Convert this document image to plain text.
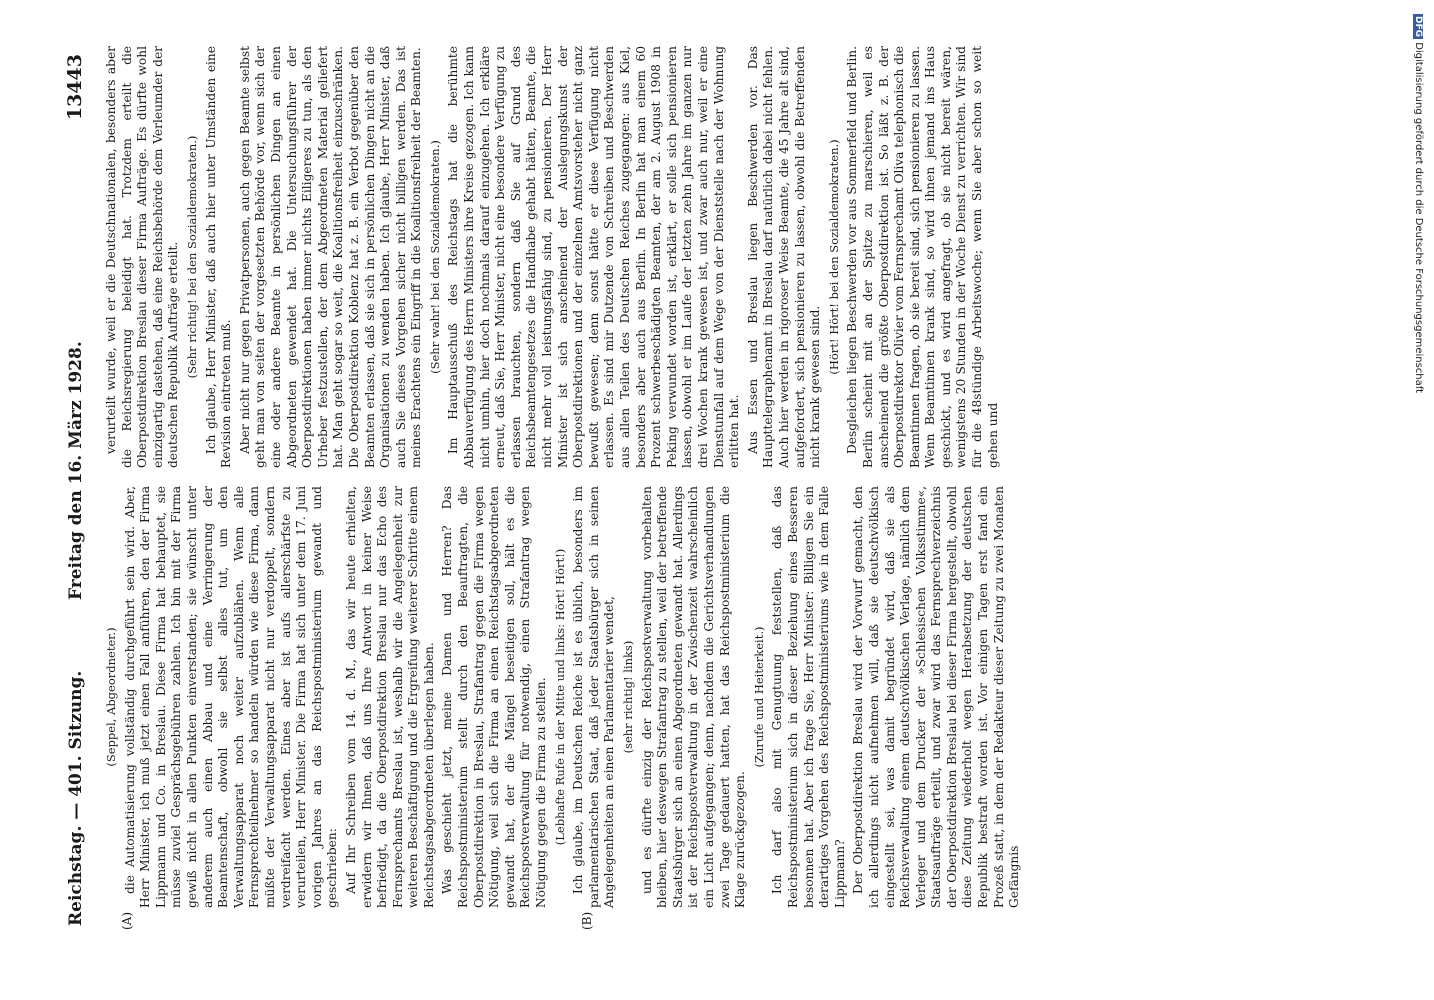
Reichstag. — 401. Sitzung.
Freitag den 16. März 1928.
13443
(A)	(B)

(Seppel, Abgeordneter.) die Automatisierung vollständig durchgeführt sein wird. Aber, Herr Minister, ich muß jetzt einen Fall anführen, den der Firma Lippmann und Co. in Breslau. Diese Firma hat behauptet, sie müsse zuviel Gesprächsgebühren zahlen. Ich bin mit der Firma gewiß nicht in allen Punkten einverstanden; sie wünscht unter anderem auch einen Abbau und eine Verringerung der Beamtenschaft, obwohl sie selbst alles tut, um den Verwaltungsapparat noch weiter aufzublähen. Wenn alle Fernsprechteilnehmer so handeln würden wie diese Firma, dann müßte der Verwaltungsapparat nicht nur verdoppelt, sondern verdreifacht werden. Eines aber ist aufs allerschärfste zu verurteilen, Herr Minister. Die Firma hat sich unter dem 17. Juni vorigen Jahres an das Reichspostministerium gewandt und geschrieben: Auf Ihr Schreiben vom 14. d. M., das wir heute erhielten, erwidern wir Ihnen, daß uns Ihre Antwort in keiner Weise befriedigt, da die Oberpostdirektion Breslau nur das Echo des Fernsprechamts Breslau ist, weshalb wir die Angelegenheit zur weiteren Beschäftigung und die Ergreifung weiterer Schritte einem Reichstagsabgeordneten überlegen haben. Was geschieht jetzt, meine Damen und Herren? Das Reichspostministerium stellt durch den Beauftragten, die Oberpostdirektion in Breslau, Strafantrag gegen die Firma wegen Nötigung, weil sich die Firma an einen Reichstagsabgeordneten gewandt hat, der die Mängel beseitigen soll, hält es die Reichspostverwaltung für notwendig, einen Strafantrag wegen Nötigung gegen die Firma zu stellen. (Lebhafte Rufe in der Mitte und links: Hört! Hört!) Ich glaube, im Deutschen Reiche ist es üblich, besonders im parlamentarischen Staat, daß jeder Staatsbürger sich in seinen Angelegenheiten an einen Parlamentarier wendet, (sehr richtig! links) und es dürfte einzig der Reichspostverwaltung vorbehalten bleiben, hier deswegen Strafantrag zu stellen, weil der betreffende Staatsbürger sich an einen Abgeordneten gewandt hat. Allerdings ist der Reichspostverwaltung in der Zwischenzeit wahrscheinlich ein Licht aufgegangen; denn, nachdem die Gerichtsverhandlungen zwei Tage gedauert hatten, hat das Reichspostministerium die Klage zurückgezogen.

(Zurufe und Heiterkeit.) Ich darf also mit Genugtuung feststellen, daß das Reichspostministerium sich in dieser Beziehung eines Besseren besonnen hat. Aber ich frage Sie, Herr Minister: Billigen Sie ein derartiges Vorgehen des Reichspostministeriums wie in dem Falle Lippmann? Der Oberpostdirektion Breslau wird der Vorwurf gemacht, den ich allerdings nicht aufnehmen will, daß sie deutschvölkisch eingestellt sei, was damit begründet wird, daß sie als Reichsverwaltung einem deutschvölkischen Verlage, nämlich dem Verleger und dem Drucker der »Schlesischen Volksstimme«, Staatsaufträge erteilt, und zwar wird das Fernsprechverzeichnis der Oberpostdirektion Breslau bei dieser Firma hergestellt, obwohl diese Zeitung wiederholt wegen Herabsetzung der deutschen Republik bestraft worden ist. Vor einigen Tagen erst fand ein Prozeß statt, in dem der Redakteur dieser Zeitung zu zwei Monaten Gefängnis

verurteilt wurde, weil er die Deutschnationalen, besonders aber die Reichsregierung beleidigt hat. Trotzdem erteilt die Oberpostdirektion Breslau dieser Firma Aufträge. Es dürfte wohl einzigartig dastehen, daß eine Reichsbehörde dem Verleumder der deutschen Republik Aufträge erteilt. (Sehr richtig! bei den Sozialdemokraten.) Ich glaube, Herr Minister, daß auch hier unter Umständen eine Revision eintreten muß. Aber nicht nur gegen Privatpersonen, auch gegen Beamte selbst geht man von seiten der vorgesetzten Behörde vor, wenn sich der eine oder andere Beamte in persönlichen Dingen an einen Abgeordneten gewendet hat. Die Untersuchungsführer der Oberpostdirektionen haben immer nichts Eiligeres zu tun, als den Urheber festzustellen, der dem Abgeordneten Material geliefert hat. Man geht sogar so weit, die Koalitionsfreiheit einzuschränken. Die Oberpostdirektion Koblenz hat z. B. ein Verbot gegenüber den Beamten erlassen, daß sie sich in persönlichen Dingen nicht an die Organisationen zu wenden haben. Ich glaube, Herr Minister, daß auch Sie dieses Vorgehen sicher nicht billigen werden. Das ist meines Erachtens ein Eingriff in die Koalitionsfreiheit der Beamten. (Sehr wahr! bei den Sozialdemokraten.) Im Hauptausschuß des Reichstags hat die berühmte Abbauverfügung des Herrn Ministers ihre Kreise gezogen. Ich kann nicht umhin, hier doch nochmals darauf einzugehen. Ich erkläre erneut, daß Sie, Herr Minister, nicht eine besondere Verfügung zu erlassen brauchten, sondern daß Sie auf Grund des Reichsbeamtengesetzes die Handhabe gehabt hätten, Beamte, die nicht mehr voll leistungsfähig sind, zu pensionieren. Der Herr Minister ist sich anscheinend der Auslegungskunst der Oberpostdirektionen und der einzelnen Amtsvorsteher nicht ganz bewußt gewesen; denn sonst hätte er diese Verfügung nicht erlassen. Es sind mir Dutzende von Schreiben und Beschwerden aus allen Teilen des Deutschen Reiches zugegangen: aus Kiel, besonders aber auch aus Berlin. In Berlin hat man einem 60 Prozent schwerbeschädigten Beamten, der am 2. August 1908 in Peking verwundet worden ist, erklärt, er solle sich pensionieren lassen, obwohl er im Laufe der letzten zehn Jahre im ganzen nur drei Wochen krank gewesen ist, und zwar auch nur, weil er eine Dienstunfall auf dem Wege von der Dienststelle nach der Wohnung erlitten hat. Aus Essen und Breslau liegen Beschwerden vor. Das Haupttelegraphenamt in Breslau darf natürlich dabei nicht fehlen. Auch hier werden in rigoroser Weise Beamte, die 45 Jahre alt sind, aufgefordert, sich pensionieren zu lassen, obwohl die Betreffenden nicht krank gewesen sind.

(Hört! Hört! bei den Sozialdemokraten.) Desgleichen liegen Beschwerden vor aus Sommerfeld und Berlin. Berlin scheint mit an der Spitze zu marschieren, weil es anscheinend die größte Oberpostdirektion ist. So läßt z. B. der Oberpostdirektor Olivier vom Fernsprechamt Oliva telephonisch die Beamtinnen fragen, ob sie bereit sind, sich pensionieren zu lassen. Wenn Beamtinnen krank sind, so wird ihnen jemand ins Haus geschickt, und es wird angefragt, ob sie nicht bereit wären, wenigstens 20 Stunden in der Woche Dienst zu verrichten. Wir sind für die 48stündige Arbeitswoche; wenn Sie aber schon so weit gehen und

DFG Digitalisierung gefördert durch die Deutsche Forschungsgemeinschaft
